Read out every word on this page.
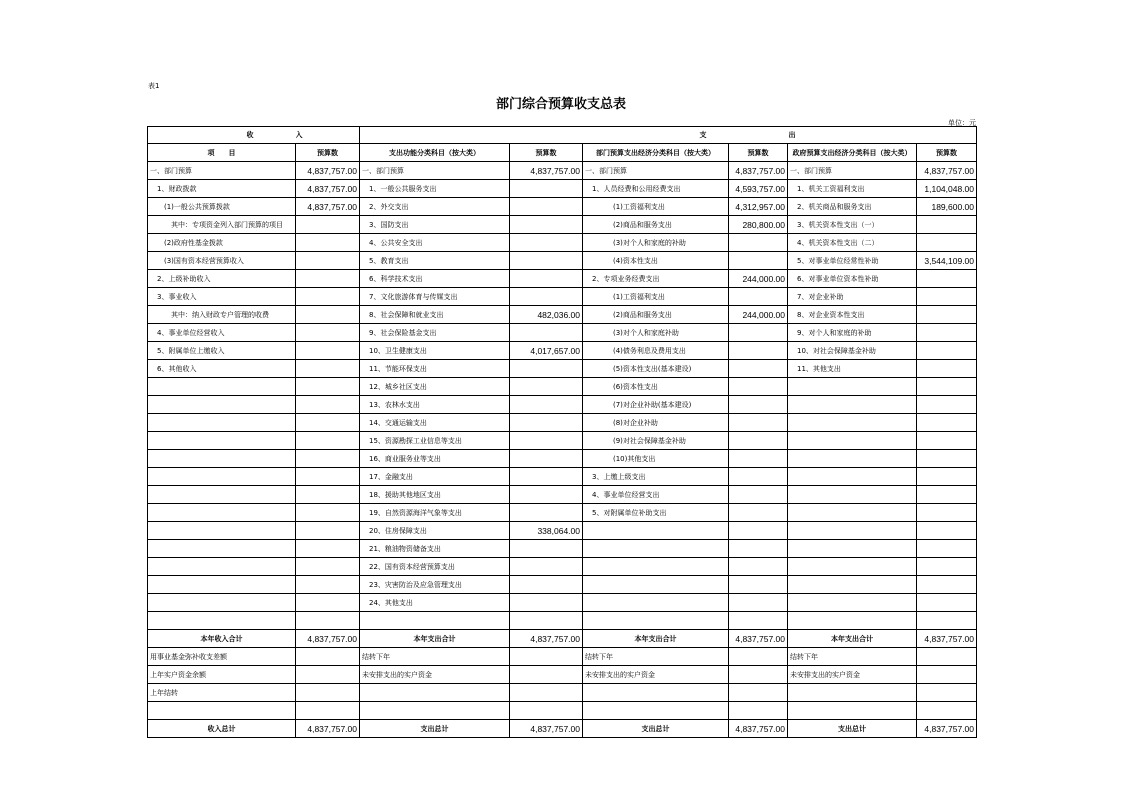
表1
部门综合预算收支总表
单位：元
收	入	支			出		
项　　目	预算数	支出功能分类科目（按大类）	预算数	部门预算支出经济分类科目（按大类）	预算数	政府预算支出经济分类科目（按大类）	预算数
一、部门预算	4,837,757.00	一、部门预算	4,837,757.00	一、部门预算	4,837,757.00	一、部门预算	4,837,757.00
　1、财政拨款	4,837,757.00	　1、一般公共服务支出		　1、人员经费和公用经费支出	4,593,757.00	　1、机关工资福利支出	1,104,048.00
　　(1)一般公共预算拨款	4,837,757.00	　2、外交支出		　　　　(1)工资福利支出	4,312,957.00	　2、机关商品和服务支出	189,600.00
　　　其中：专项资金列入部门预算的项目		　3、国防支出		　　　　(2)商品和服务支出	280,800.00	　3、机关资本性支出（一）	
　　(2)政府性基金拨款		　4、公共安全支出		　　　　(3)对个人和家庭的补助		　4、机关资本性支出（二）	
　　(3)国有资本经营预算收入		　5、教育支出		　　　　(4)资本性支出		　5、对事业单位经常性补助	3,544,109.00
　2、上级补助收入		　6、科学技术支出		　2、专项业务经费支出	244,000.00	　6、对事业单位资本性补助	
　3、事业收入		　7、文化旅游体育与传媒支出		　　　　(1)工资福利支出		　7、对企业补助	
　　　其中：纳入财政专户管理的收费		　8、社会保障和就业支出	482,036.00	　　　　(2)商品和服务支出	244,000.00	　8、对企业资本性支出	
　4、事业单位经营收入		　9、社会保险基金支出		　　　　(3)对个人和家庭补助		　9、对个人和家庭的补助	
　5、附属单位上缴收入		　10、卫生健康支出	4,017,657.00	　　　　(4)债务利息及费用支出		　10、对社会保障基金补助	
　6、其他收入		　11、节能环保支出		　　　　(5)资本性支出(基本建设)		　11、其他支出	
		　12、城乡社区支出		　　　　(6)资本性支出			
		　13、农林水支出		　　　　(7)对企业补助(基本建设)			
		　14、交通运输支出		　　　　(8)对企业补助			
		　15、资源勘探工业信息等支出		　　　　(9)对社会保障基金补助			
		　16、商业服务业等支出		　　　　(10)其他支出			
		　17、金融支出		　3、上缴上级支出			
		　18、援助其他地区支出		　4、事业单位经营支出			
		　19、自然资源海洋气象等支出		　5、对附属单位补助支出			
		　20、住房保障支出	338,064.00				
		　21、粮油物资储备支出					
		　22、国有资本经营预算支出					
		　23、灾害防治及应急管理支出					
		　24、其他支出					

本年收入合计	4,837,757.00	本年支出合计	4,837,757.00	本年支出合计	4,837,757.00	本年支出合计	4,837,757.00
用事业基金弥补收支差额		结转下年		结转下年		结转下年	
上年实户资金余额		未安排支出的实户资金		未安排支出的实户资金		未安排支出的实户资金	
上年结转							

收入总计	4,837,757.00	支出总计	4,837,757.00	支出总计	4,837,757.00	支出总计	4,837,757.00
